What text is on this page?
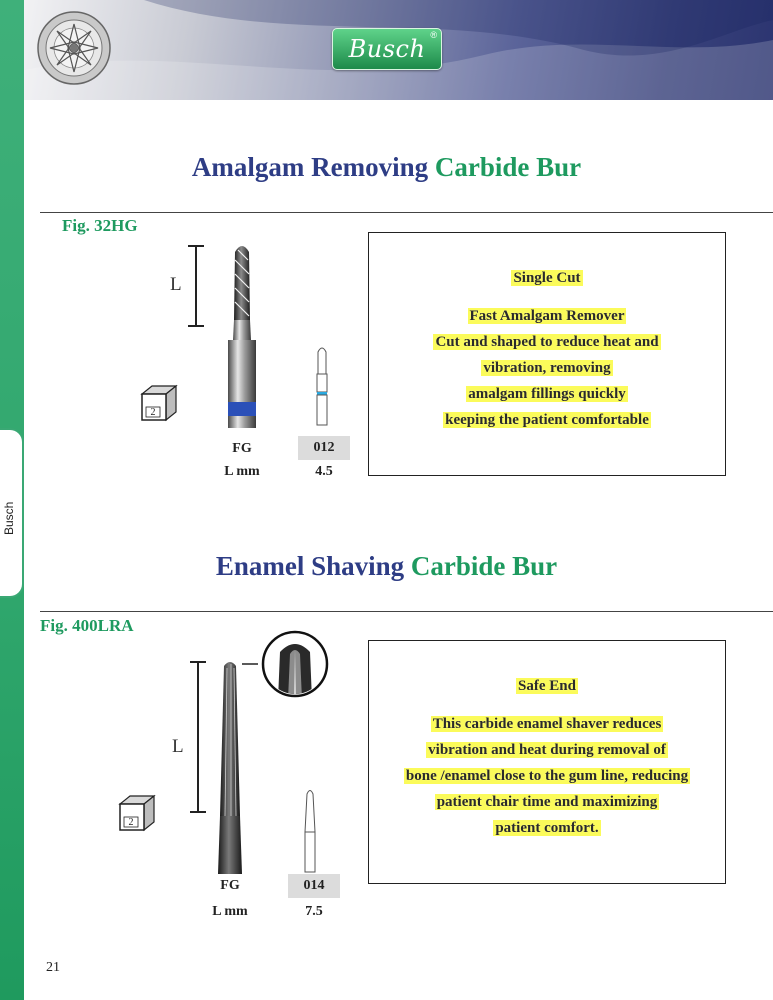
Busch
Busch ®
Amalgam Removing Carbide Bur
Fig. 32HG
L
2
FG	012
L mm	4.5
Single Cut
Fast Amalgam Remover
Cut and shaped to reduce heat and
vibration, removing
amalgam fillings quickly
keeping the patient comfortable
Enamel Shaving Carbide Bur
Fig. 400LRA
L
2
FG	014
L mm	7.5
Safe End
This carbide enamel shaver reduces
vibration and heat during removal of
bone /enamel close to the gum line, reducing
patient chair time and maximizing
patient comfort.
21
